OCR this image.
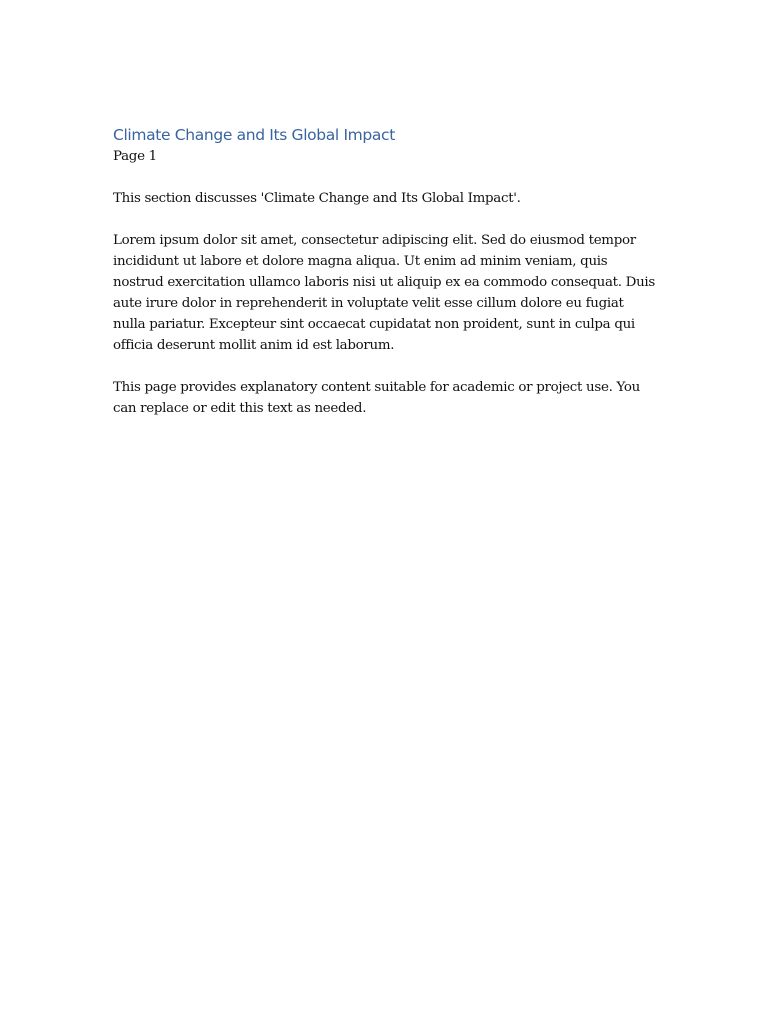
Climate Change and Its Global Impact

Page 1

This section discusses 'Climate Change and Its Global Impact'.

Lorem ipsum dolor sit amet, consectetur adipiscing elit. Sed do eiusmod tempor incididunt ut labore et dolore magna aliqua. Ut enim ad minim veniam, quis nostrud exercitation ullamco laboris nisi ut aliquip ex ea commodo consequat. Duis aute irure dolor in reprehenderit in voluptate velit esse cillum dolore eu fugiat nulla pariatur. Excepteur sint occaecat cupidatat non proident, sunt in culpa qui officia deserunt mollit anim id est laborum.

This page provides explanatory content suitable for academic or project use. You can replace or edit this text as needed.
